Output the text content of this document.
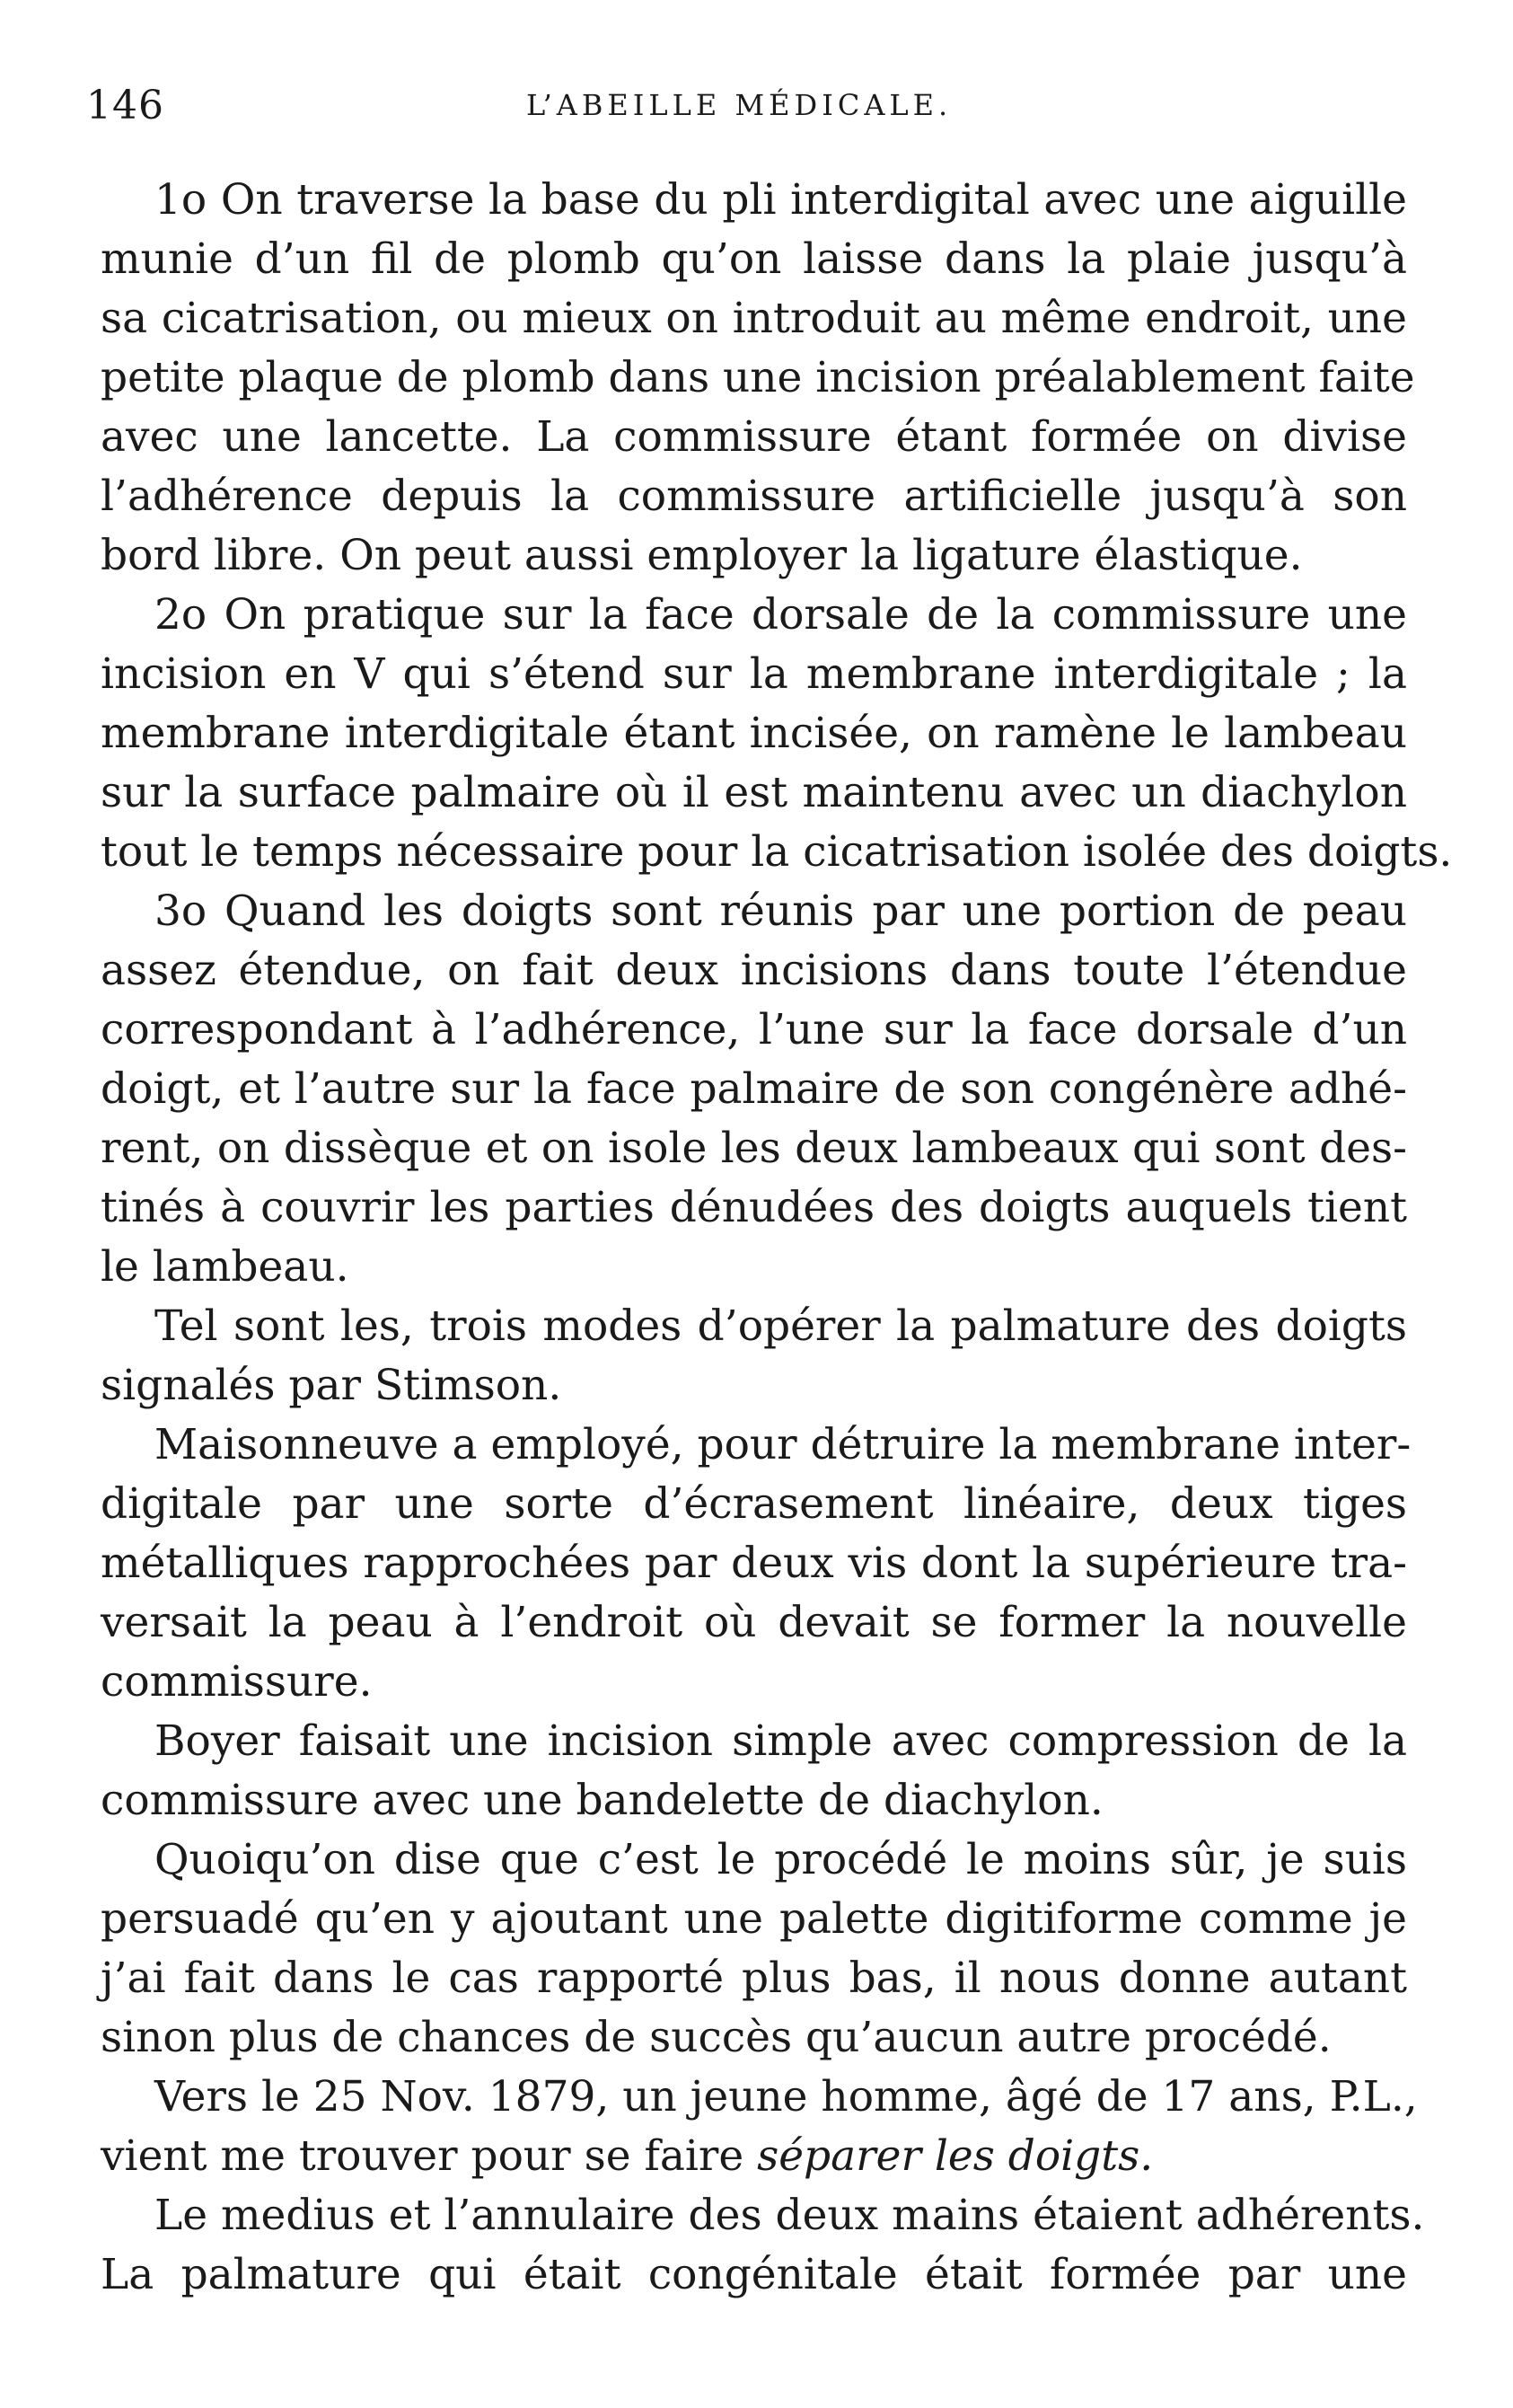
146	L’ABEILLE MÉDICALE.
1o On traverse la base du pli interdigital avec une aiguille
munie d’un fil de plomb qu’on laisse dans la plaie jusqu’à
sa cicatrisation, ou mieux on introduit au même endroit, une
petite plaque de plomb dans une incision préalablement faite
avec une lancette. La commissure étant formée on divise
l’adhérence depuis la commissure artificielle jusqu’à son
bord libre. On peut aussi employer la ligature élastique.
2o On pratique sur la face dorsale de la commissure une
incision en V qui s’étend sur la membrane interdigitale ; la
membrane interdigitale étant incisée, on ramène le lambeau
sur la surface palmaire où il est maintenu avec un diachylon
tout le temps nécessaire pour la cicatrisation isolée des doigts.
3o Quand les doigts sont réunis par une portion de peau
assez étendue, on fait deux incisions dans toute l’étendue
correspondant à l’adhérence, l’une sur la face dorsale d’un
doigt, et l’autre sur la face palmaire de son congénère adhé-
rent, on dissèque et on isole les deux lambeaux qui sont des-
tinés à couvrir les parties dénudées des doigts auquels tient
le lambeau.
Tel sont les, trois modes d’opérer la palmature des doigts
signalés par Stimson.
Maisonneuve a employé, pour détruire la membrane inter-
digitale par une sorte d’écrasement linéaire, deux tiges
métalliques rapprochées par deux vis dont la supérieure tra-
versait la peau à l’endroit où devait se former la nouvelle
commissure.
Boyer faisait une incision simple avec compression de la
commissure avec une bandelette de diachylon.
Quoiqu’on dise que c’est le procédé le moins sûr, je suis
persuadé qu’en y ajoutant une palette digitiforme comme je
j’ai fait dans le cas rapporté plus bas, il nous donne autant
sinon plus de chances de succès qu’aucun autre procédé.
Vers le 25 Nov. 1879, un jeune homme, âgé de 17 ans, P.L.,
vient me trouver pour se faire séparer les doigts.
Le medius et l’annulaire des deux mains étaient adhérents.
La palmature qui était congénitale était formée par une
